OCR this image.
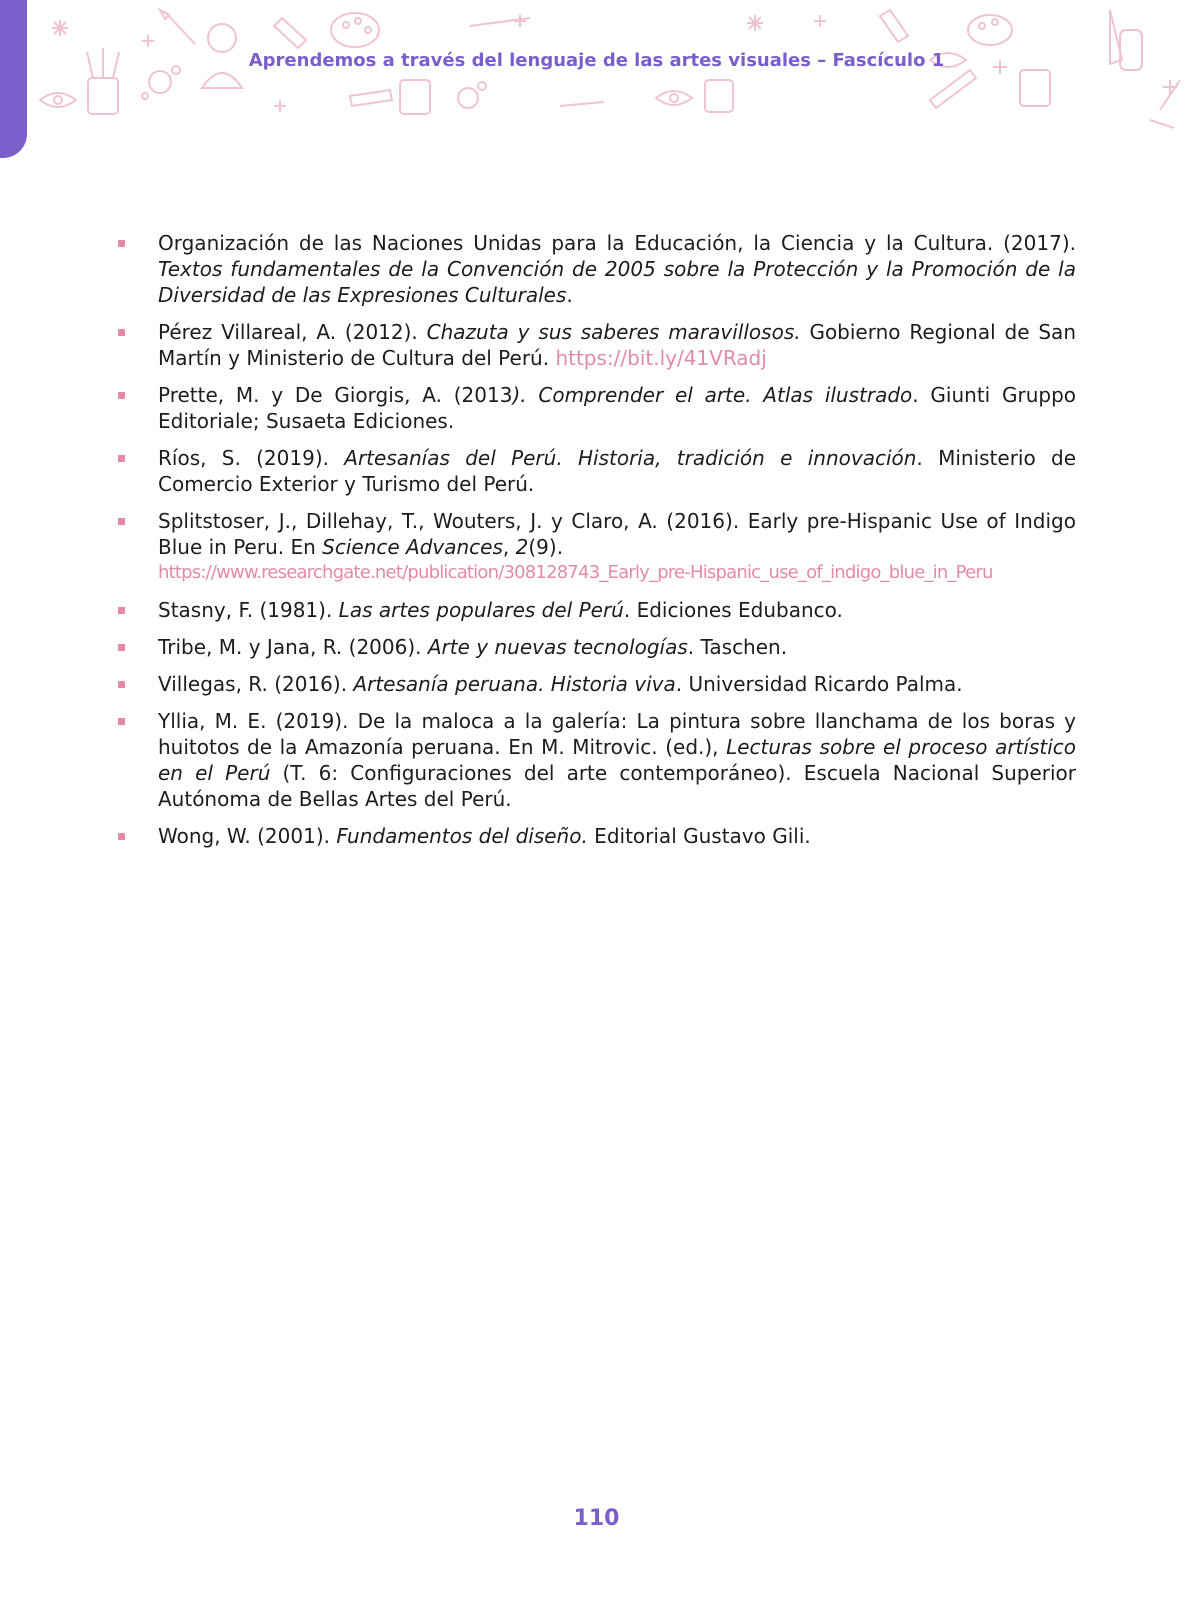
Aprendemos a través del lenguaje de las artes visuales – Fascículo 1
Organización de las Naciones Unidas para la Educación, la Ciencia y la Cultura. (2017). Textos fundamentales de la Convención de 2005 sobre la Protección y la Promoción de la Diversidad de las Expresiones Culturales.
Pérez Villareal, A. (2012). Chazuta y sus saberes maravillosos. Gobierno Regional de San Martín y Ministerio de Cultura del Perú. https://bit.ly/41VRadj
Prette, M. y De Giorgis, A. (2013). Comprender el arte. Atlas ilustrado. Giunti Gruppo Editoriale; Susaeta Ediciones.
Ríos, S. (2019). Artesanías del Perú. Historia, tradición e innovación. Ministerio de Comercio Exterior y Turismo del Perú.
Splitstoser, J., Dillehay, T., Wouters, J. y Claro, A. (2016). Early pre-Hispanic Use of Indigo Blue in Peru. En Science Advances, 2(9).
https://www.researchgate.net/publication/308128743_Early_pre-Hispanic_use_of_indigo_blue_in_Peru
Stasny, F. (1981). Las artes populares del Perú. Ediciones Edubanco.
Tribe, M. y Jana, R. (2006). Arte y nuevas tecnologías. Taschen.
Villegas, R. (2016). Artesanía peruana. Historia viva. Universidad Ricardo Palma.
Yllia, M. E. (2019). De la maloca a la galería: La pintura sobre llanchama de los boras y huitotos de la Amazonía peruana. En M. Mitrovic. (ed.), Lecturas sobre el proceso artístico en el Perú (T. 6: Configuraciones del arte contemporáneo). Escuela Nacional Superior Autónoma de Bellas Artes del Perú.
Wong, W. (2001). Fundamentos del diseño. Editorial Gustavo Gili.
110
